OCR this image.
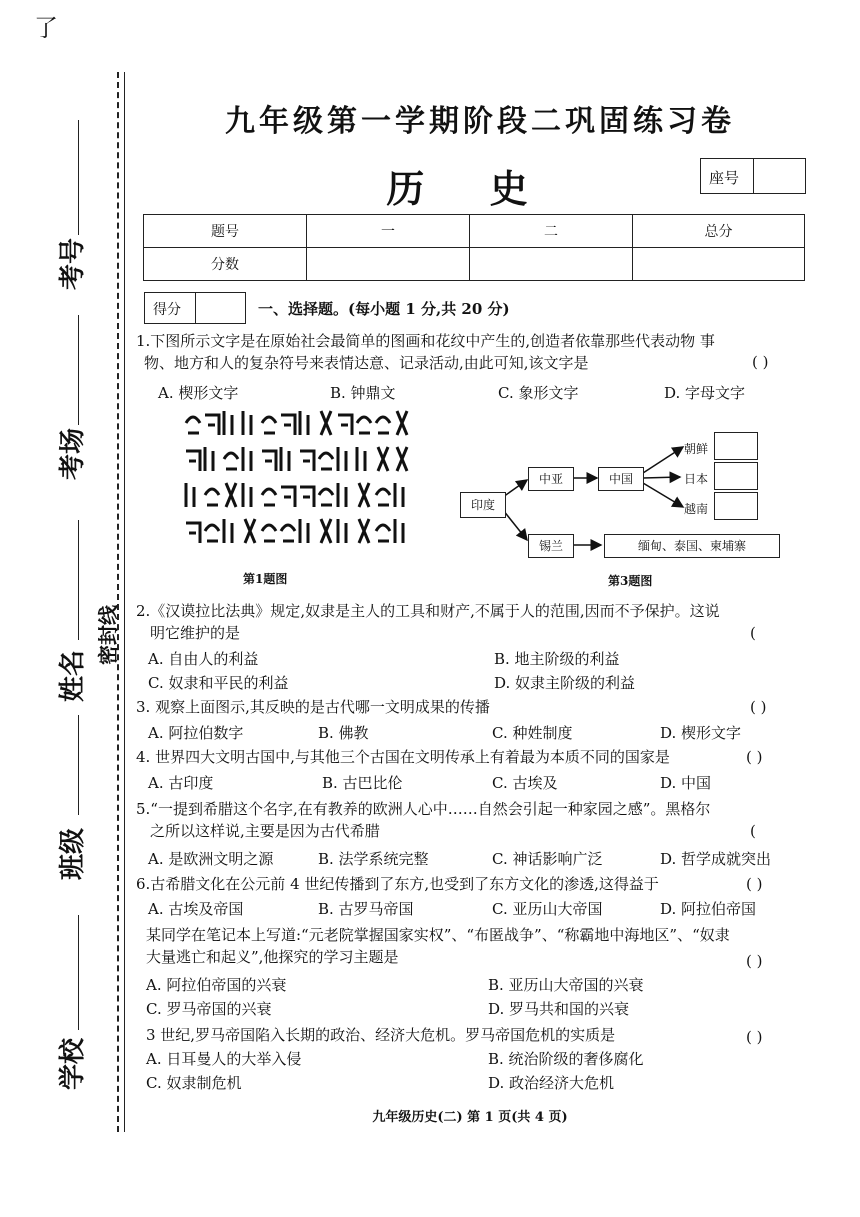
了
考号
考场
姓名
班级
学校
密封线
九年级第一学期阶段二巩固练习卷
历 史	座号
题号	一	二	总分
分数			
得分	一、选择题。(每小题 1 分,共 20 分)
1.下图所示文字是在原始社会最简单的图画和花纹中产生的,创造者依靠那些代表动物 事
物、地方和人的复杂符号来表情达意、记录活动,由此可知,该文字是	( )
A. 楔形文字	B. 钟鼎文	C. 象形文字	D. 字母文字
第1题图
印度
中亚	中国
锡兰
朝鲜
日本
越南
缅甸、泰国、柬埔寨
第3题图
2.《汉谟拉比法典》规定,奴隶是主人的工具和财产,不属于人的范围,因而不予保护。这说
明它维护的是	(
A. 自由人的利益	B. 地主阶级的利益
C. 奴隶和平民的利益	D. 奴隶主阶级的利益
3. 观察上面图示,其反映的是古代哪一文明成果的传播	( )
A. 阿拉伯数字	B. 佛教	C. 种姓制度	D. 楔形文字
4. 世界四大文明古国中,与其他三个古国在文明传承上有着最为本质不同的国家是	( )
A. 古印度	B. 古巴比伦	C. 古埃及	D. 中国
5.“一提到希腊这个名字,在有教养的欧洲人心中……自然会引起一种家园之感”。黑格尔
之所以这样说,主要是因为古代希腊	(
A. 是欧洲文明之源	B. 法学系统完整	C. 神话影响广泛	D. 哲学成就突出
6.古希腊文化在公元前 4 世纪传播到了东方,也受到了东方文化的渗透,这得益于	( )
A. 古埃及帝国	B. 古罗马帝国	C. 亚历山大帝国	D. 阿拉伯帝国
某同学在笔记本上写道:“元老院掌握国家实权”、“布匿战争”、“称霸地中海地区”、“奴隶
大量逃亡和起义”,他探究的学习主题是	( )
A. 阿拉伯帝国的兴衰	B. 亚历山大帝国的兴衰
C. 罗马帝国的兴衰	D. 罗马共和国的兴衰
3 世纪,罗马帝国陷入长期的政治、经济大危机。罗马帝国危机的实质是	( )
A. 日耳曼人的大举入侵	B. 统治阶级的奢侈腐化
C. 奴隶制危机	D. 政治经济大危机
九年级历史(二) 第 1 页(共 4 页)
